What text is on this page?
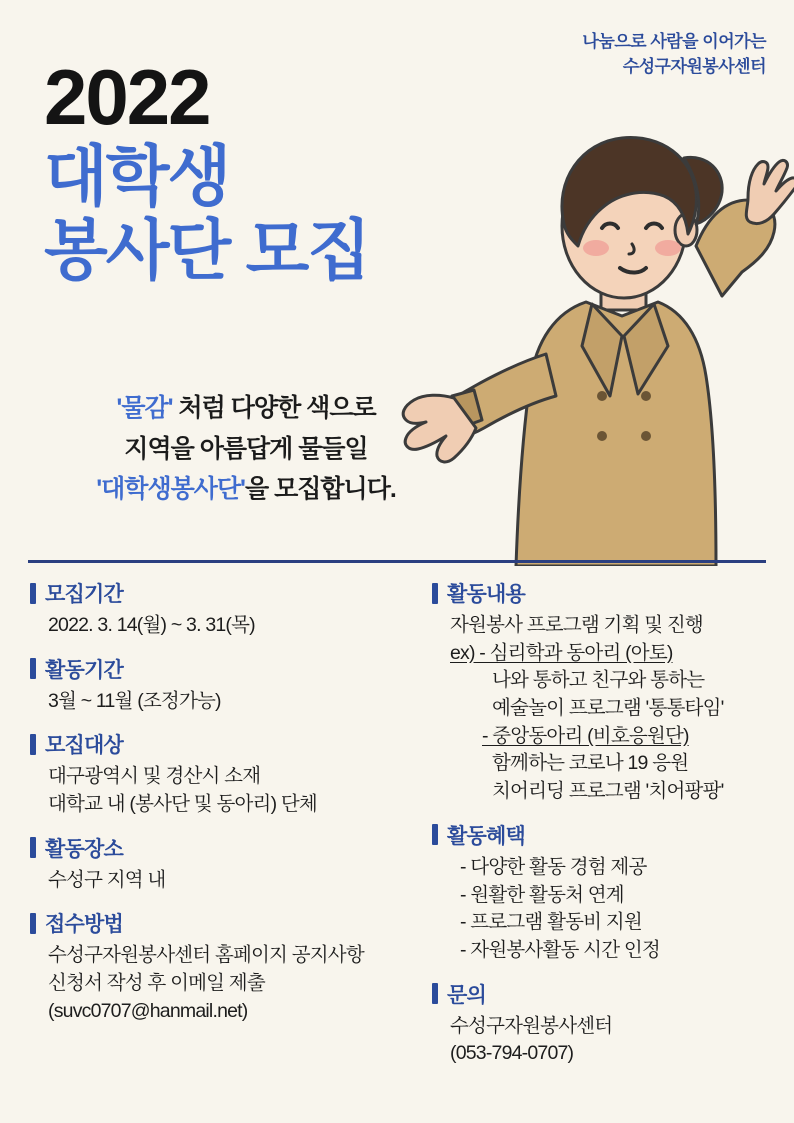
나눔으로 사람을 이어가는
수성구자원봉사센터
2022
대학생
봉사단 모집
'물감' 처럼 다양한 색으로
지역을 아름답게 물들일
'대학생봉사단'을 모집합니다.
모집기간
2022. 3. 14(월) ~ 3. 31(목)
활동기간
3월 ~ 11월 (조정가능)
모집대상
대구광역시 및 경산시 소재
대학교 내 (봉사단 및 동아리) 단체
활동장소
수성구 지역 내
접수방법
수성구자원봉사센터 홈페이지 공지사항
신청서 작성 후 이메일 제출
(suvc0707@hanmail.net)
활동내용
자원봉사 프로그램 기획 및 진행
ex) - 심리학과 동아리 (아토)
나와 통하고 친구와 통하는
예술놀이 프로그램 '통통타임'
- 중앙동아리 (비호응원단)
함께하는 코로나 19 응원
치어리딩 프로그램 '치어팡팡'
활동혜택
- 다양한 활동 경험 제공
- 원활한 활동처 연계
- 프로그램 활동비 지원
- 자원봉사활동 시간 인정
문의
수성구자원봉사센터
(053-794-0707)
